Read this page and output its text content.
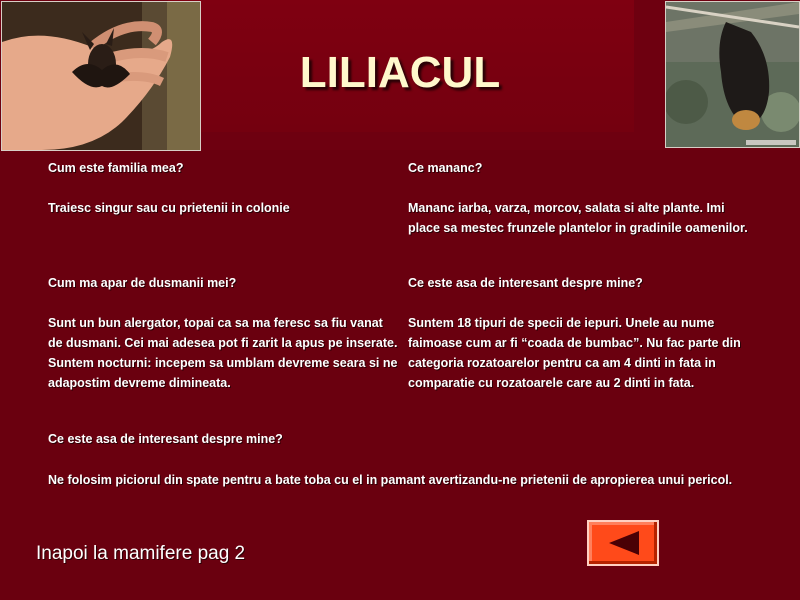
LILIACUL
Cum este familia mea?
Traiesc singur sau cu prietenii in colonie
Ce mananc?
Mananc iarba, varza, morcov, salata si alte plante. Imi place sa mestec frunzele plantelor in gradinile oamenilor.
Cum ma apar de dusmanii mei?
Sunt un bun alergator, topai ca sa ma feresc sa fiu vanat de dusmani. Cei mai adesea pot fi zarit la apus pe inserate. Suntem nocturni: incepem sa umblam devreme seara si ne adapostim devreme dimineata.
Ce este asa de interesant despre mine?
Suntem 18 tipuri de specii de iepuri. Unele au nume faimoase cum ar fi “coada de bumbac”. Nu fac parte din categoria rozatoarelor pentru ca am 4 dinti in fata in comparatie cu rozatoarele care au 2 dinti in fata.
Ce este asa de interesant despre mine?
Ne folosim piciorul din spate pentru a bate toba cu el in pamant avertizandu-ne prietenii de apropierea unui pericol.
Inapoi la mamifere pag 2
